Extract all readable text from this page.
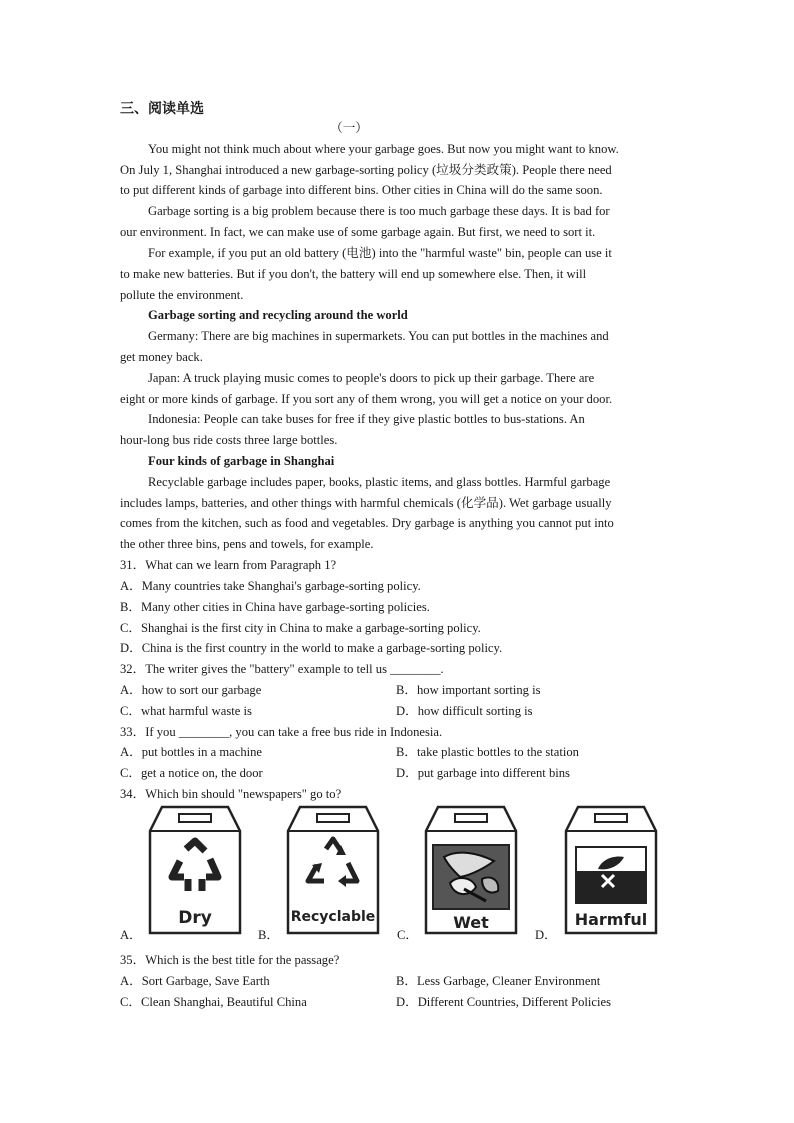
三、阅读单选
（一）
You might not think much about where your garbage goes. But now you might want to know.
On July 1, Shanghai introduced a new garbage-sorting policy (垃圾分类政策). People there need
to put different kinds of garbage into different bins. Other cities in China will do the same soon.
Garbage sorting is a big problem because there is too much garbage these days. It is bad for
our environment. In fact, we can make use of some garbage again. But first, we need to sort it.
For example, if you put an old battery (电池) into the "harmful waste" bin, people can use it
to make new batteries. But if you don't, the battery will end up somewhere else. Then, it will
pollute the environment.
Garbage sorting and recycling around the world
Germany: There are big machines in supermarkets. You can put bottles in the machines and
get money back.
Japan: A truck playing music comes to people's doors to pick up their garbage. There are
eight or more kinds of garbage. If you sort any of them wrong, you will get a notice on your door.
Indonesia: People can take buses for free if they give plastic bottles to bus-stations. An
hour-long bus ride costs three large bottles.
Four kinds of garbage in Shanghai
Recyclable garbage includes paper, books, plastic items, and glass bottles. Harmful garbage
includes lamps, batteries, and other things with harmful chemicals (化学品). Wet garbage usually
comes from the kitchen, such as food and vegetables. Dry garbage is anything you cannot put into
the other three bins, pens and towels, for example.
31．What can we learn from Paragraph 1?
A．Many countries take Shanghai's garbage-sorting policy.
B．Many other cities in China have garbage-sorting policies.
C．Shanghai is the first city in China to make a garbage-sorting policy.
D．China is the first country in the world to make a garbage-sorting policy.
32．The writer gives the "battery" example to tell us ________.
A．how to sort our garbage	B．how important sorting is
C．what harmful waste is	D．how difficult sorting is
33．If you ________, you can take a free bus ride in Indonesia.
A．put bottles in a machine	B．take plastic bottles to the station
C．get a notice on, the door	D．put garbage into different bins
34．Which bin should "newspapers" go to?
A．
Dry
B．
Recyclable
C．
Wet
D．
Harmful
35．Which is the best title for the passage?
A．Sort Garbage, Save Earth	B．Less Garbage, Cleaner Environment
C．Clean Shanghai, Beautiful China	D．Different Countries, Different Policies
